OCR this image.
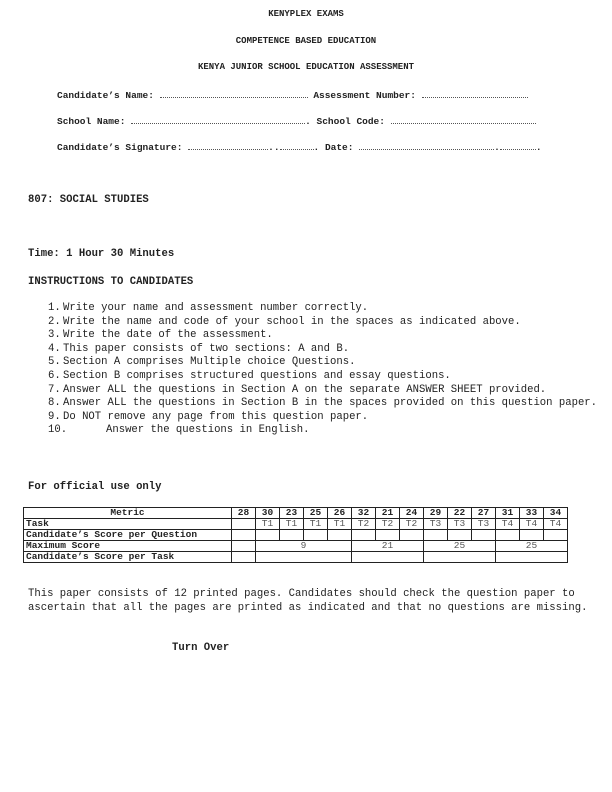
KENYPLEX EXAMS
COMPETENCE BASED EDUCATION
KENYA JUNIOR SCHOOL EDUCATION ASSESSMENT
Candidate’s Name:	Assessment Number:
School Name:	. School Code:
Candidate’s Signature:	..	. Date:	.	.
807: SOCIAL STUDIES
Time: 1 Hour 30 Minutes
INSTRUCTIONS TO CANDIDATES
1. Write your name and assessment number correctly.
2. Write the name and code of your school in the spaces as indicated above.
3. Write the date of the assessment.
4. This paper consists of two sections: A and B.
5. Section A comprises Multiple choice Questions.
6. Section B comprises structured questions and essay questions.
7. Answer ALL the questions in Section A on the separate ANSWER SHEET provided.
8. Answer ALL the questions in Section B in the spaces provided on this question paper.
9. Do NOT remove any page from this question paper.
10.	Answer the questions in English.
For official use only
Metric	28	30	23	25	26	32	21	24	29	22	27	31	33	34
Task		T1	T1	T1	T1	T2	T2	T2	T3	T3	T3	T4	T4	T4
Candidate’s Score per Question														
Maximum Score		9				21			25			25		
Candidate’s Score per Task														
This paper consists of 12 printed pages. Candidates should check the question paper to ascertain that all the pages are printed as indicated and that no questions are missing.
Turn Over
